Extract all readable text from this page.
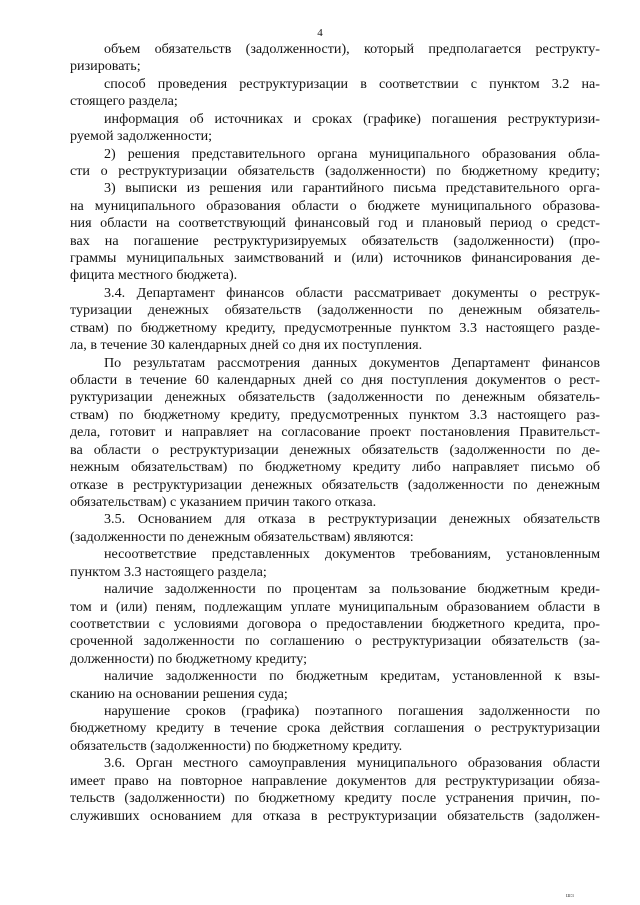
4
объем обязательств (задолженности), который предполагается реструкту-
ризировать;
способ проведения реструктуризации в соответствии с пунктом 3.2 на-
стоящего раздела;
информация об источниках и сроках (графике) погашения реструктуризи-
руемой задолженности;
2) решения представительного органа муниципального образования обла-
сти о реструктуризации обязательств (задолженности) по бюджетному кредиту;
3) выписки из решения или гарантийного письма представительного орга-
на муниципального образования области о бюджете муниципального образова-
ния области на соответствующий финансовый год и плановый период о средст-
вах на погашение реструктуризируемых обязательств (задолженности) (про-
граммы муниципальных заимствований и (или) источников финансирования де-
фицита местного бюджета).
3.4. Департамент финансов области рассматривает документы о реструк-
туризации денежных обязательств (задолженности по денежным обязатель-
ствам) по бюджетному кредиту, предусмотренные пунктом 3.3 настоящего разде-
ла, в течение 30 календарных дней со дня их поступления.
По результатам рассмотрения данных документов Департамент финансов
области в течение 60 календарных дней со дня поступления документов о рест-
руктуризации денежных обязательств (задолженности по денежным обязатель-
ствам) по бюджетному кредиту, предусмотренных пунктом 3.3 настоящего раз-
дела, готовит и направляет на согласование проект постановления Правительст-
ва области о реструктуризации денежных обязательств (задолженности по де-
нежным обязательствам) по бюджетному кредиту либо направляет письмо об
отказе в реструктуризации денежных обязательств (задолженности по денежным
обязательствам) с указанием причин такого отказа.
3.5. Основанием для отказа в реструктуризации денежных обязательств
(задолженности по денежным обязательствам) являются:
несоответствие представленных документов требованиям, установленным
пунктом 3.3 настоящего раздела;
наличие задолженности по процентам за пользование бюджетным креди-
том и (или) пеням, подлежащим уплате муниципальным образованием области в
соответствии с условиями договора о предоставлении бюджетного кредита, про-
сроченной задолженности по соглашению о реструктуризации обязательств (за-
долженности) по бюджетному кредиту;
наличие задолженности по бюджетным кредитам, установленной к взы-
сканию на основании решения суда;
нарушение сроков (графика) поэтапного погашения задолженности по
бюджетному кредиту в течение срока действия соглашения о реструктуризации
обязательств (задолженности) по бюджетному кредиту.
3.6. Орган местного самоуправления муниципального образования области
имеет право на повторное направление документов для реструктуризации обяза-
тельств (задолженности) по бюджетному кредиту после устранения причин, по-
служивших основанием для отказа в реструктуризации обязательств (задолжен-
ш:ı
